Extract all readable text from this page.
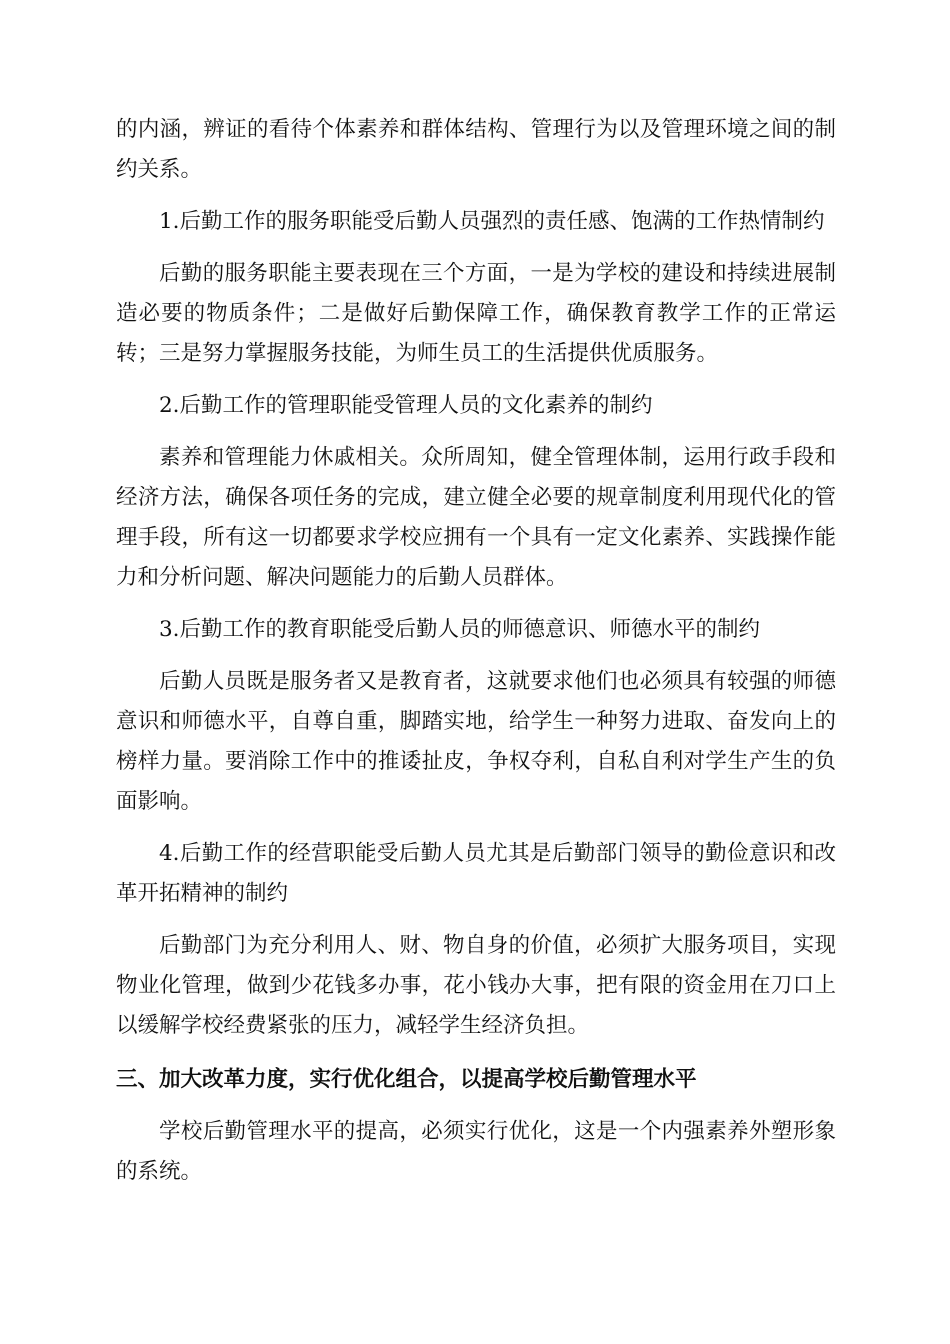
的内涵，辨证的看待个体素养和群体结构、管理行为以及管理环境之间的制约关系。

1.后勤工作的服务职能受后勤人员强烈的责任感、饱满的工作热情制约

后勤的服务职能主要表现在三个方面，一是为学校的建设和持续进展制造必要的物质条件；二是做好后勤保障工作，确保教育教学工作的正常运转；三是努力掌握服务技能，为师生员工的生活提供优质服务。

2.后勤工作的管理职能受管理人员的文化素养的制约

素养和管理能力休戚相关。众所周知，健全管理体制，运用行政手段和经济方法，确保各项任务的完成，建立健全必要的规章制度利用现代化的管理手段，所有这一切都要求学校应拥有一个具有一定文化素养、实践操作能力和分析问题、解决问题能力的后勤人员群体。

3.后勤工作的教育职能受后勤人员的师德意识、师德水平的制约

后勤人员既是服务者又是教育者，这就要求他们也必须具有较强的师德意识和师德水平，自尊自重，脚踏实地，给学生一种努力进取、奋发向上的榜样力量。要消除工作中的推诿扯皮，争权夺利，自私自利对学生产生的负面影响。

4.后勤工作的经营职能受后勤人员尤其是后勤部门领导的勤俭意识和改革开拓精神的制约

后勤部门为充分利用人、财、物自身的价值，必须扩大服务项目，实现物业化管理，做到少花钱多办事，花小钱办大事，把有限的资金用在刀口上以缓解学校经费紧张的压力，减轻学生经济负担。

三、加大改革力度，实行优化组合，以提高学校后勤管理水平

学校后勤管理水平的提高，必须实行优化，这是一个内强素养外塑形象的系统。
